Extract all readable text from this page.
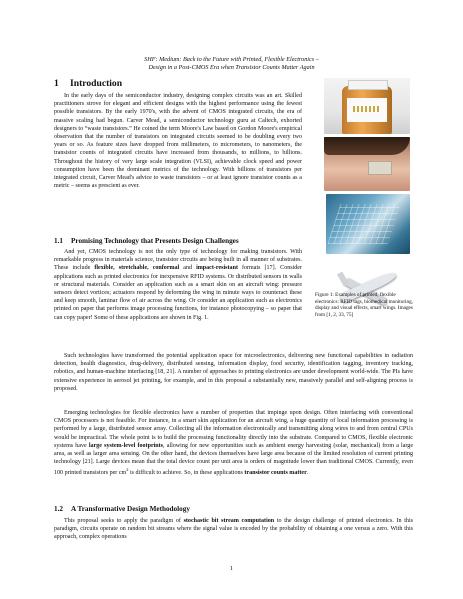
SHF: Medium: Back to the Future with Printed, Flexible Electronics –
Design in a Post-CMOS Era when Transistor Counts Matter Again
1 Introduction

In the early days of the semiconductor industry, designing complex circuits was an art. Skilled practitioners strove for elegant and efficient designs with the highest performance using the fewest possible transistors. By the early 1970's, with the advent of CMOS integrated circuits, the era of massive scaling had begun. Carver Mead, a semiconductor technology guru at Caltech, exhorted designers to “waste transistors.” He coined the term Moore's Law based on Gordon Moore's empirical observation that the number of transistors on integrated circuits seemed to be doubling every two years or so. As feature sizes have dropped from millimeters, to micrometers, to nanometers, the transistor counts of integrated circuits have increased from thousands, to millions, to billions. Throughout the history of very large scale integration (VLSI), achievable clock speed and power consumption have been the dominant metrics of the technology. With billions of transistors per integrated circuit, Carver Mead's advice to waste transistors – or at least ignore transistor counts as a metric – seems as prescient as ever.

1.1 Promising Technology that Presents Design Challenges

And yet, CMOS technology is not the only type of technology for making transistors. With remarkable progress in materials science, transistor circuits are being built in all manner of substrates. These include flexible, stretchable, conformal and impact-resistant formats [17]. Consider applications such as printed electronics for inexpensive RFID systems. Or distributed sensors in walls or structural materials. Consider an application such as a smart skin on an aircraft wing: pressure sensors detect vortices; actuators respond by deforming the wing in minute ways to counteract these and keep smooth, laminar flow of air across the wing. Or consider an application such as electronics printed on paper that performs image processing functions, for instance photocopying – so paper that can copy paper! Some of these applications are shown in Fig. 1.

Such technologies have transformed the potential application space for microelectronics, delivering new functional capabilities in radiation detection, health diagnostics, drug-delivery, distributed sensing, information display, food security, identification tagging, inventory tracking, robotics, and human-machine interfacing [18, 21]. A number of approaches to printing electronics are under development world-wide. The PIs have extensive experience in aerosol jet printing, for example, and in this proposal a substantially new, massively parallel and self-aligning process is proposed.

Emerging technologies for flexible electronics have a number of properties that impinge upon design. Often interfacing with conventional CMOS processors is not feasible. For instance, in a smart skin application for an aircraft wing, a huge quantity of local information processing is performed by a large, distributed sensor array. Collecting all the information electronically and transmitting along wires to and from central CPUs would be impractical. The whole point is to build the processing functionality directly into the substrate. Compared to CMOS, flexible electronic systems have large system-level footprints, allowing for new opportunities such as ambient energy harvesting (solar, mechanical) from a large area, as well as larger area sensing. On the other hand, the devices themselves have large area because of the limited resolution of current printing technology [21]. Large devices mean that the total device count per unit area is orders of magnitude lower than traditional CMOS. Currently, even 100 printed transistors per $cm^2$ is difficult to achieve. So, in these applications transistor counts matter.

1.2 A Transformative Design Methodology

This proposal seeks to apply the paradigm of stochastic bit stream computation to the design challenge of printed electronics. In this paradigm, circuits operate on random bit streams where the signal value is encoded by the probability of obtaining a one versus a zero. With this approach, complex operations

Figure 1: Examples of printed, flexible electronics: RFID tags, biomedical monitoring, display and visual effects, smart wings. Images from [1, 2, 33, 75]
1
